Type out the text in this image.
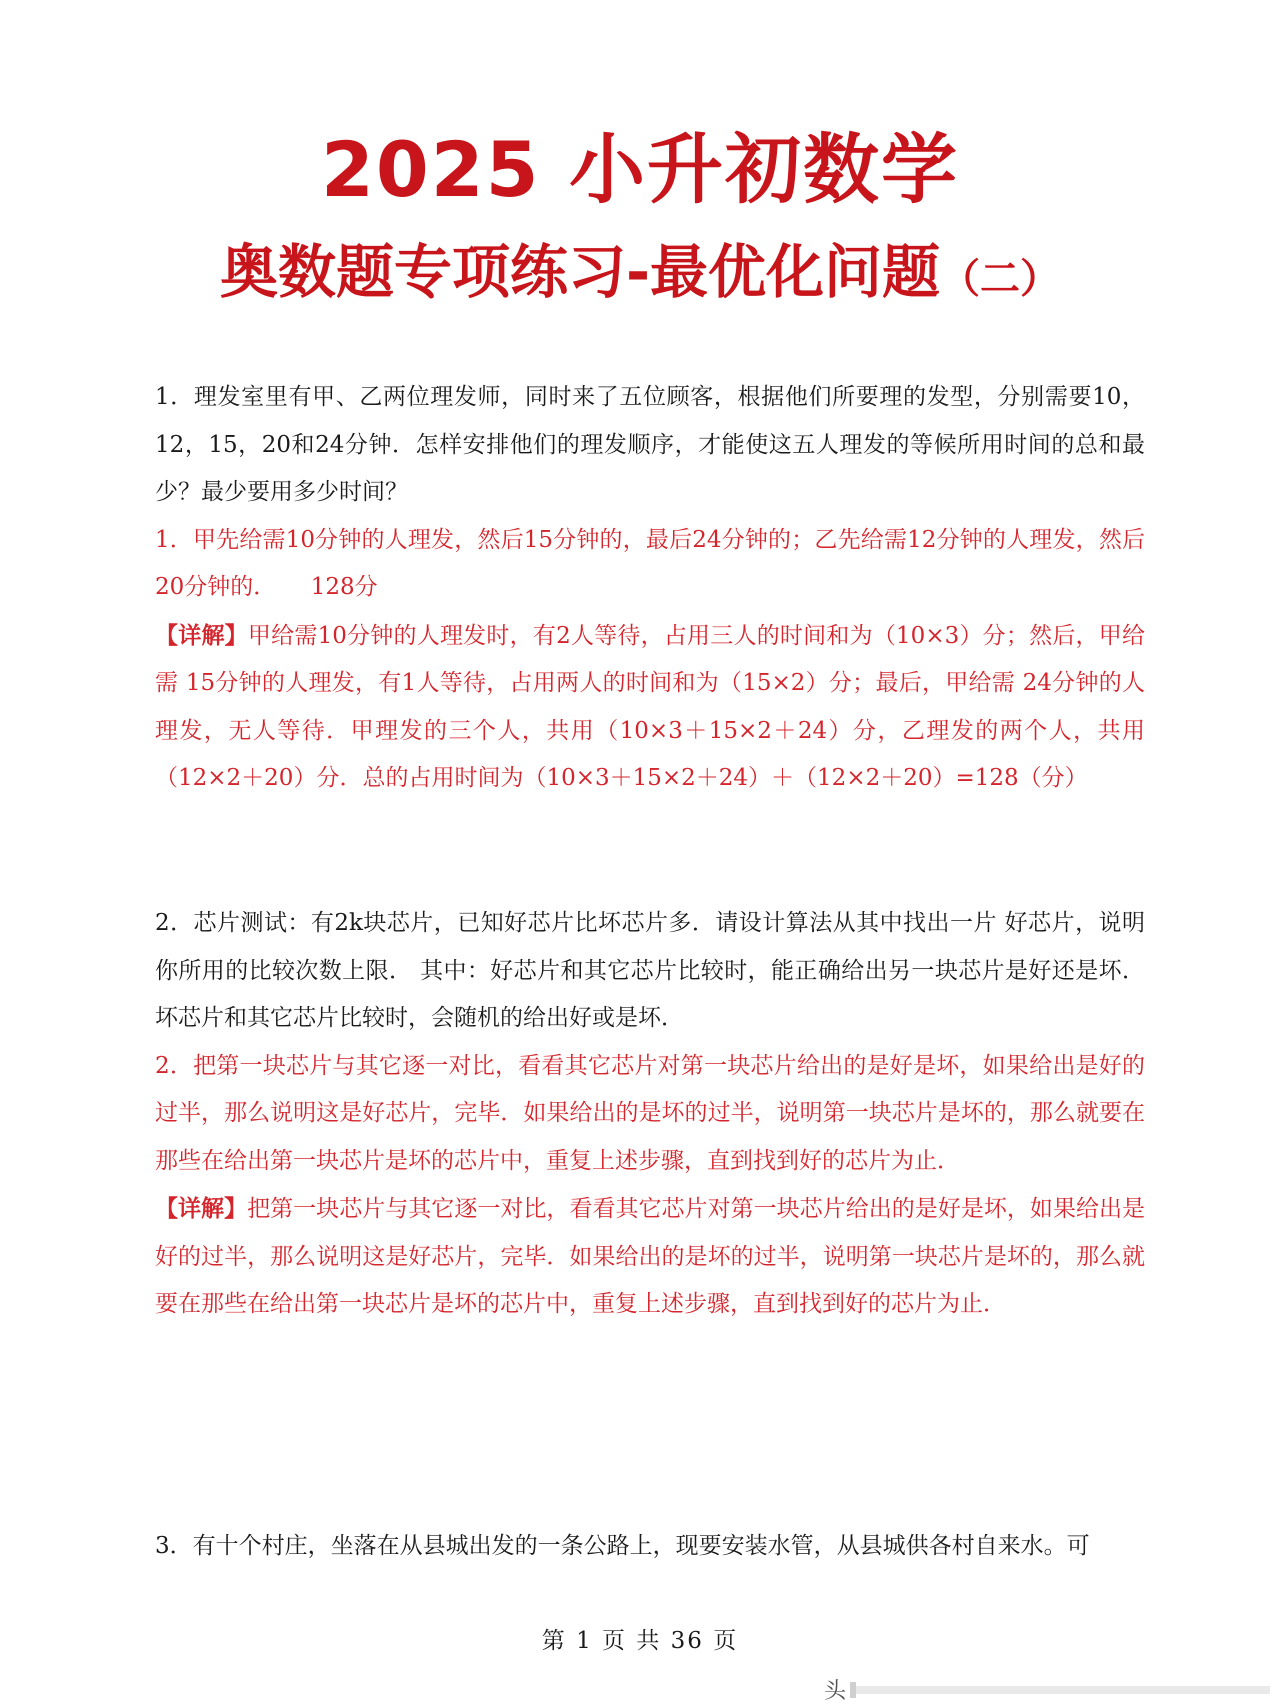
2025 小升初数学
奥数题专项练习-最优化问题（二）

1．理发室里有甲、乙两位理发师，同时来了五位顾客，根据他们所要理的发型，分别需要10，12，15，20和24分钟．怎样安排他们的理发顺序，才能使这五人理发的等候所用时间的总和最少？最少要用多少时间？

1．甲先给需10分钟的人理发，然后15分钟的，最后24分钟的；乙先给需12分钟的人理发，然后20分钟的．　　128分

【详解】甲给需10分钟的人理发时，有2人等待，占用三人的时间和为（10×3）分；然后，甲给需 15分钟的人理发，有1人等待，占用两人的时间和为（15×2）分；最后，甲给需 24分钟的人理发，无人等待．甲理发的三个人，共用（10×3＋15×2＋24）分，乙理发的两个人，共用（12×2＋20）分．总的占用时间为（10×3＋15×2＋24）＋（12×2＋20）=128（分）

2．芯片测试：有2k块芯片，已知好芯片比坏芯片多．请设计算法从其中找出一片 好芯片，说明你所用的比较次数上限． 其中：好芯片和其它芯片比较时，能正确给出另一块芯片是好还是坏． 坏芯片和其它芯片比较时，会随机的给出好或是坏．

2．把第一块芯片与其它逐一对比，看看其它芯片对第一块芯片给出的是好是坏，如果给出是好的过半，那么说明这是好芯片，完毕．如果给出的是坏的过半，说明第一块芯片是坏的，那么就要在那些在给出第一块芯片是坏的芯片中，重复上述步骤，直到找到好的芯片为止．

【详解】把第一块芯片与其它逐一对比，看看其它芯片对第一块芯片给出的是好是坏，如果给出是好的过半，那么说明这是好芯片，完毕．如果给出的是坏的过半，说明第一块芯片是坏的，那么就要在那些在给出第一块芯片是坏的芯片中，重复上述步骤，直到找到好的芯片为止．

3．有十个村庄，坐落在从县城出发的一条公路上，现要安装水管，从县城供各村自来水。可

第 1 页 共 36 页
头
